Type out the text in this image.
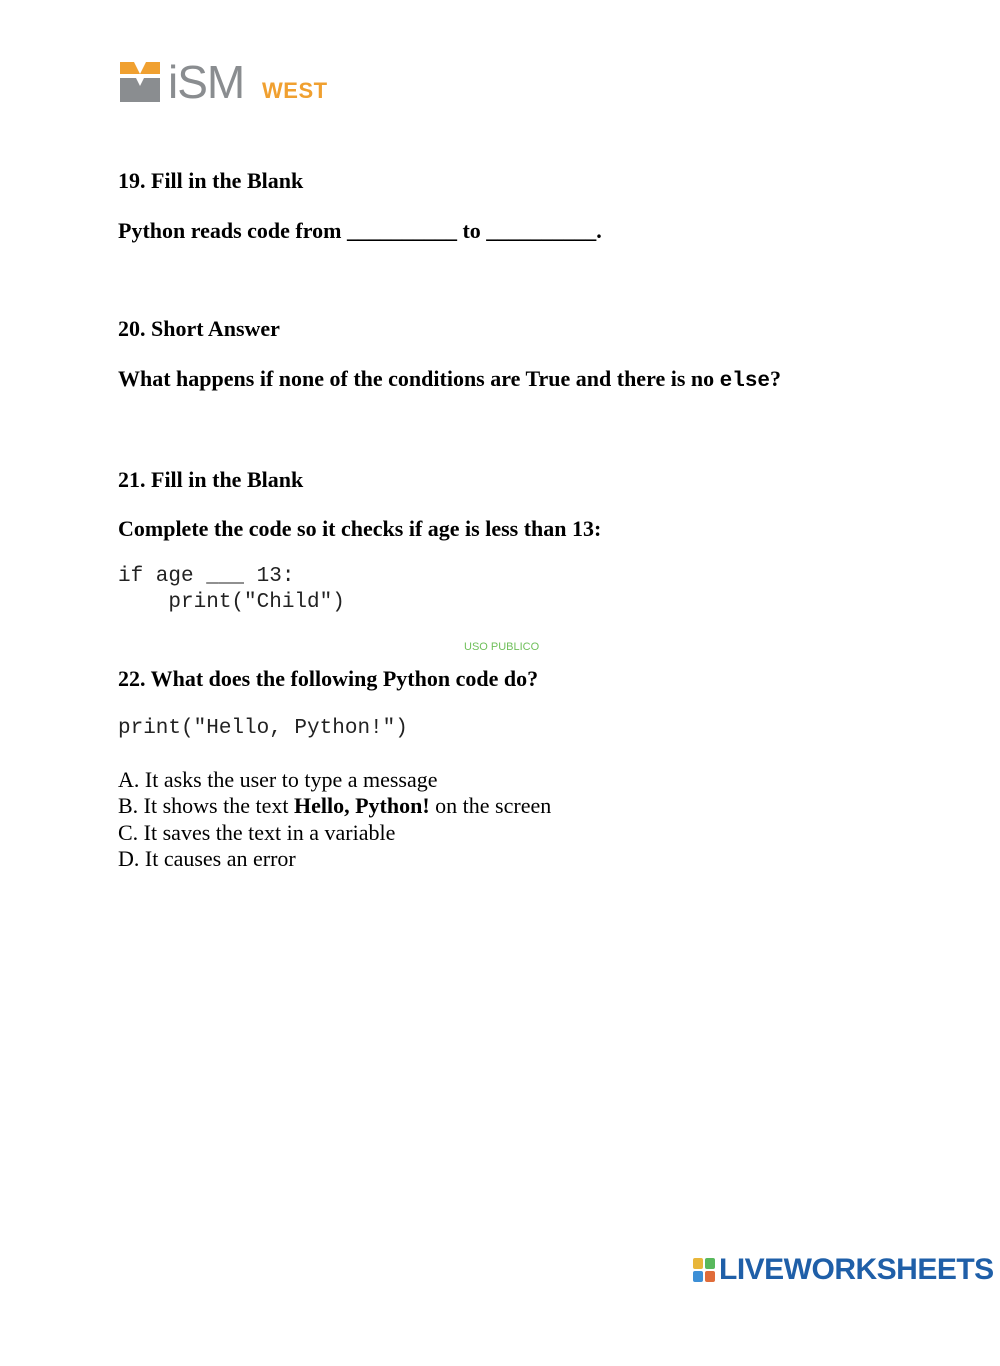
iSM

WEST

19. Fill in the Blank
Python reads code from __________ to __________.
20. Short Answer
What happens if none of the conditions are True and there is no else?
21. Fill in the Blank
Complete the code so it checks if age is less than 13:
if age ___ 13:
print("Child")
USO PUBLICO
22. What does the following Python code do?
print("Hello, Python!")
A. It asks the user to type a message
B. It shows the text Hello, Python! on the screen
C. It saves the text in a variable
D. It causes an error

LIVEWORKSHEETS
